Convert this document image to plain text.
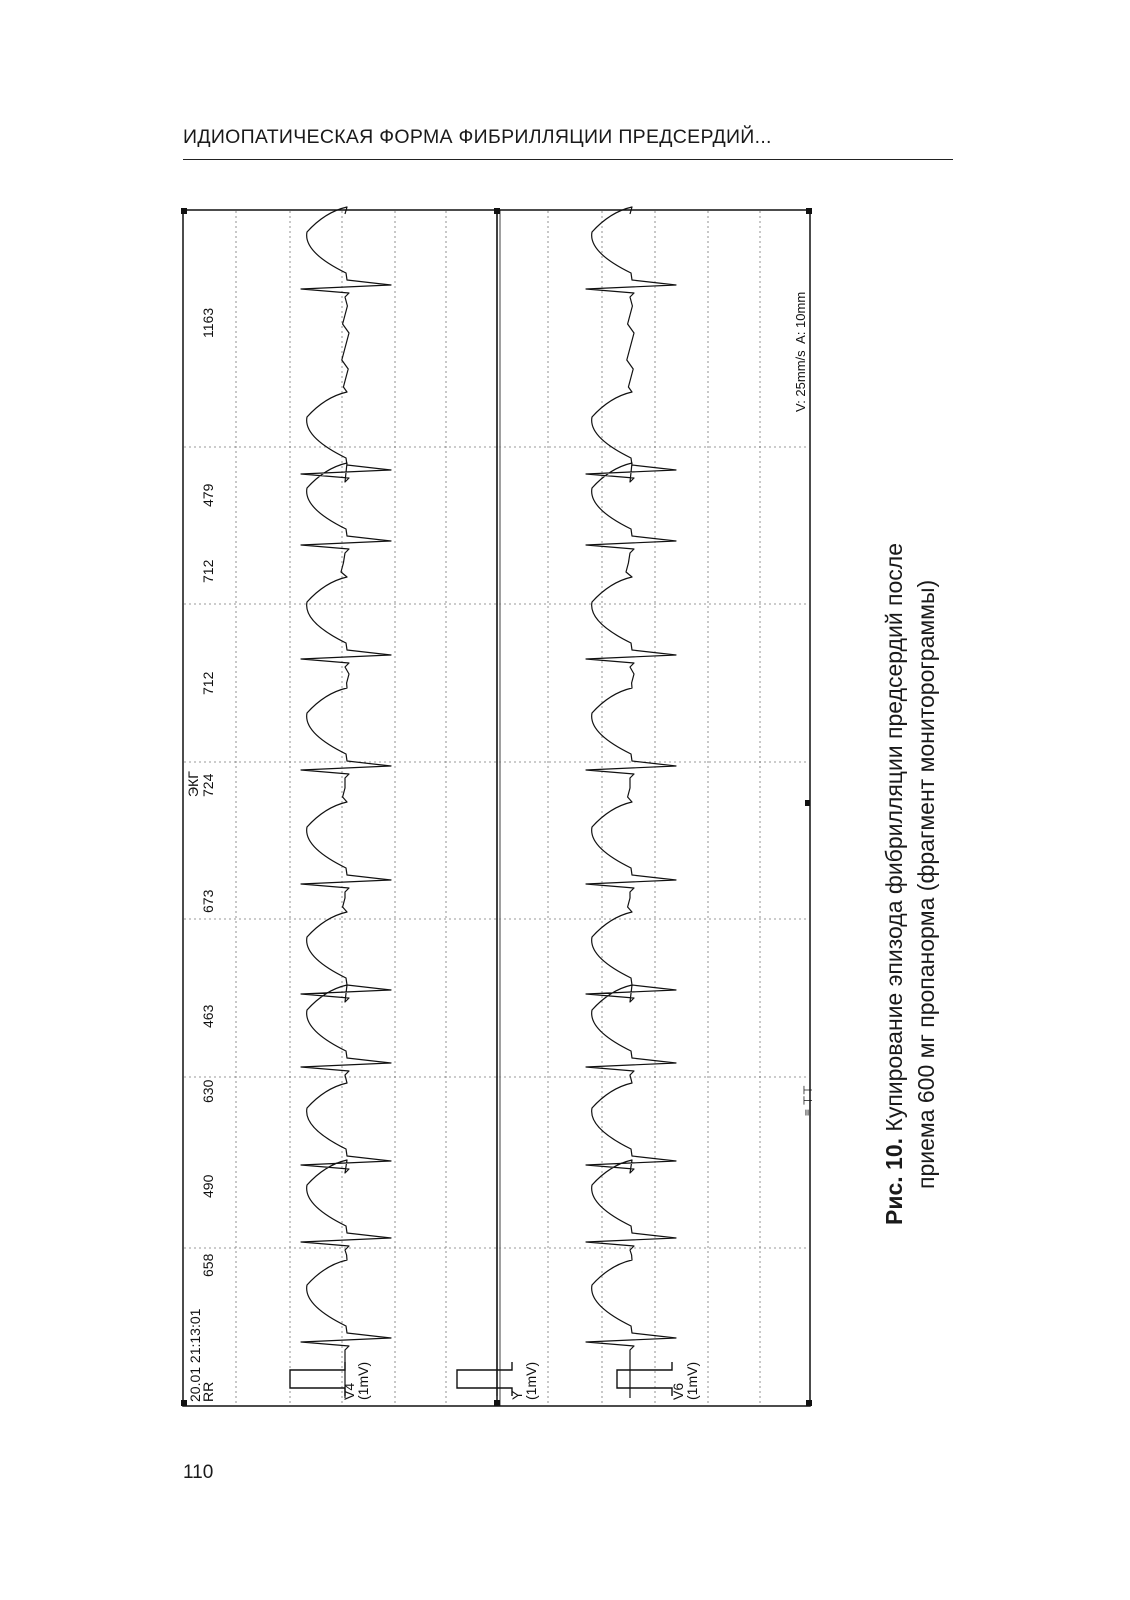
ИДИОПАТИЧЕСКАЯ ФОРМА ФИБРИЛЛЯЦИИ ПРЕДСЕРДИЙ...
20.01 21:13:01
RR
658
490
630
463
673
724
712
712
479
1163
ЭКГ
V4
(1mV)	Y
(1mV)	V6
(1mV)
V: 25mm/s  A: 10mm
≡ ⊤⊤
Рис. 10. Купирование эпизода фибрилляции предсердий после приема 600 мг пропанорма (фрагмент мониторограммы)
110
